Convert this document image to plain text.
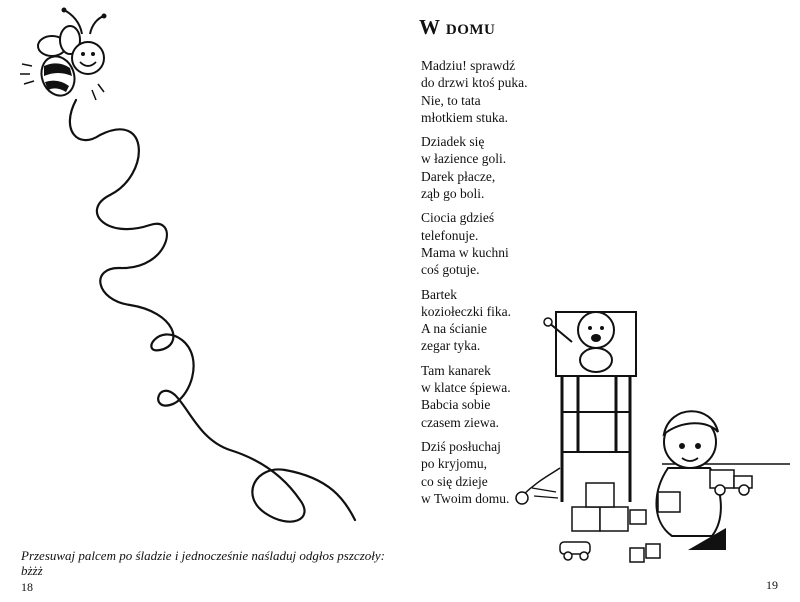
Przesuwaj palcem po śladzie i jednocześnie naśladuj odgłos pszczoły:
bżżż
18
W domu
Madziu! sprawdź
do drzwi ktoś puka.
Nie, to tata
młotkiem stuka.
Dziadek się
w łazience goli.
Darek płacze,
ząb go boli.
Ciocia gdzieś
telefonuje.
Mama w kuchni
coś gotuje.
Bartek
koziołeczki fika.
A na ścianie
zegar tyka.
Tam kanarek
w klatce śpiewa.
Babcia sobie
czasem ziewa.
Dziś posłuchaj
po kryjomu,
co się dzieje
w Twoim domu.
19
